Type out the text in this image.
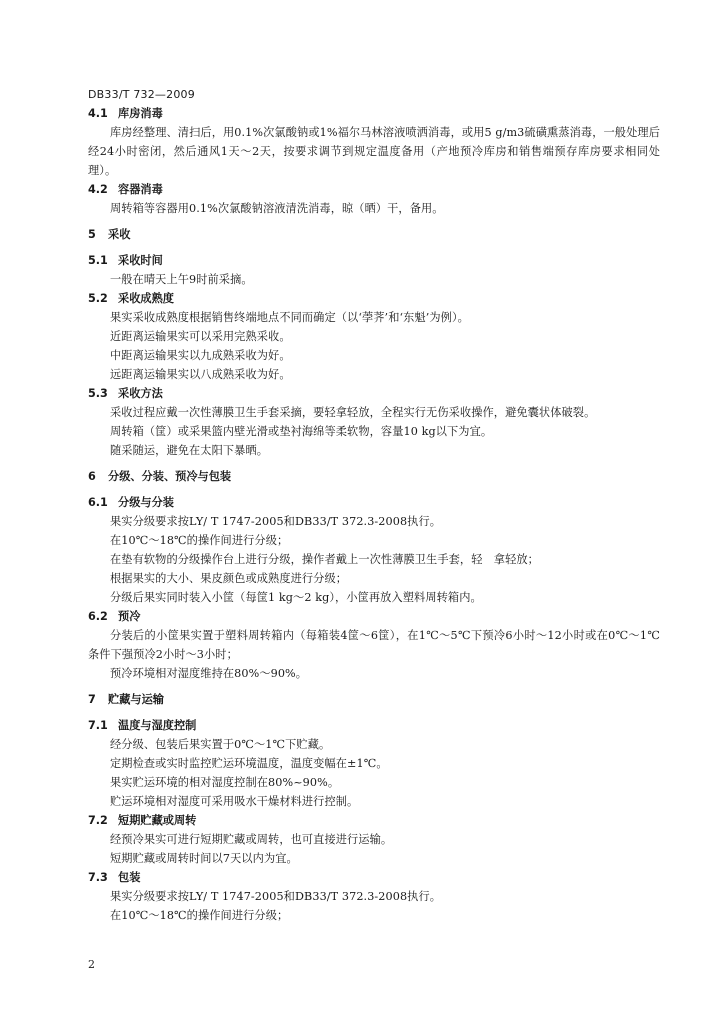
DB33/T 732—2009
4.1 库房消毒
库房经整理、清扫后，用0.1%次氯酸钠或1%福尔马林溶液喷洒消毒，或用5 g/m3硫磺熏蒸消毒，一般处理后经24小时密闭，然后通风1天～2天，按要求调节到规定温度备用（产地预冷库房和销售端预存库房要求相同处理）。
4.2 容器消毒
周转箱等容器用0.1%次氯酸钠溶液清洗消毒，晾（晒）干，备用。
5 采收
5.1 采收时间
一般在晴天上午9时前采摘。
5.2 采收成熟度
果实采收成熟度根据销售终端地点不同而确定（以‘荸荠’和‘东魁’为例）。
近距离运输果实可以采用完熟采收。
中距离运输果实以九成熟采收为好。
远距离运输果实以八成熟采收为好。
5.3 采收方法
采收过程应戴一次性薄膜卫生手套采摘，要轻拿轻放，全程实行无伤采收操作，避免囊状体破裂。
周转箱（筐）或采果篮内壁光滑或垫衬海绵等柔软物，容量10 kg以下为宜。
随采随运，避免在太阳下暴晒。
6 分级、分装、预冷与包装
6.1 分级与分装
果实分级要求按LY/ T 1747-2005和DB33/T 372.3-2008执行。
在10℃～18℃的操作间进行分级；
在垫有软物的分级操作台上进行分级，操作者戴上一次性薄膜卫生手套，轻　拿轻放；
根据果实的大小、果皮颜色或成熟度进行分级；
分级后果实同时装入小筐（每筐1 kg～2 kg），小筐再放入塑料周转箱内。
6.2 预冷
分装后的小筐果实置于塑料周转箱内（每箱装4筐～6筐），在1℃～5℃下预冷6小时～12小时或在0℃～1℃条件下强预冷2小时～3小时；
预冷环境相对湿度维持在80%～90%。
7 贮藏与运输
7.1 温度与湿度控制
经分级、包装后果实置于0℃～1℃下贮藏。
定期检查或实时监控贮运环境温度，温度变幅在±1℃。
果实贮运环境的相对湿度控制在80%~90%。
贮运环境相对湿度可采用吸水干燥材料进行控制。
7.2 短期贮藏或周转
经预冷果实可进行短期贮藏或周转，也可直接进行运输。
短期贮藏或周转时间以7天以内为宜。
7.3 包装
果实分级要求按LY/ T 1747-2005和DB33/T 372.3-2008执行。
在10℃～18℃的操作间进行分级；
2
